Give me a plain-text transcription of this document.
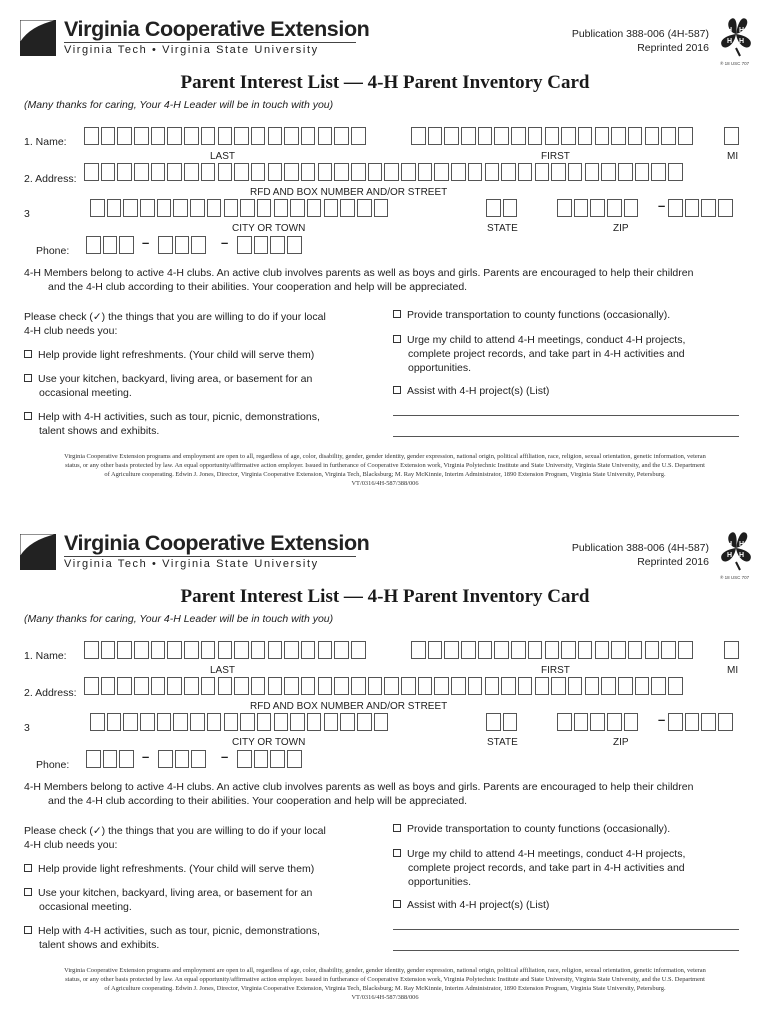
Virginia Cooperative Extension
Virginia Tech • Virginia State University
Publication 388-006 (4H-587)
Reprinted 2016
H H
H H
® 18 USC 707
Parent Interest List — 4-H Parent Inventory Card
(Many thanks for caring, Your 4-H Leader will be in touch with you)
1. Name:
LAST	FIRST	MI
2. Address:
RFD AND BOX NUMBER AND/OR STREET
3
–
CITY OR TOWN	STATE	ZIP
Phone:
–	–
4-H Members belong to active 4-H clubs. An active club involves parents as well as boys and girls. Parents are encouraged to help their children
and the 4-H club according to their abilities. Your cooperation and help will be appreciated.
Please check (✓) the things that you are willing to do if your local
4-H club needs you:
Help provide light refreshments. (Your child will serve them)
Use your kitchen, backyard, living area, or basement for an
occasional meeting.
Help with 4-H activities, such as tour, picnic, demonstrations,
talent shows and exhibits.
Provide transportation to county functions (occasionally).
Urge my child to attend 4-H meetings, conduct 4-H projects,
complete project records, and take part in 4-H activities and
opportunities.
Assist with 4-H project(s) (List)
Virginia Cooperative Extension programs and employment are open to all, regardless of age, color, disability, gender, gender identity, gender expression, national origin, political affiliation, race, religion, sexual orientation, genetic information, veteran
status, or any other basis protected by law. An equal opportunity/affirmative action employer. Issued in furtherance of Cooperative Extension work, Virginia Polytechnic Institute and State University, Virginia State University, and the U.S. Department
of Agriculture cooperating. Edwin J. Jones, Director, Virginia Cooperative Extension, Virginia Tech, Blacksburg; M. Ray McKinnie, Interim Administrator, 1890 Extension Program, Virginia State University, Petersburg.
VT/0316/4H-587/388/006
Virginia Cooperative Extension
Virginia Tech • Virginia State University
Publication 388-006 (4H-587)
Reprinted 2016
H H
H H
® 18 USC 707
Parent Interest List — 4-H Parent Inventory Card
(Many thanks for caring, Your 4-H Leader will be in touch with you)
1. Name:
LAST	FIRST	MI
2. Address:
RFD AND BOX NUMBER AND/OR STREET
3
–
CITY OR TOWN	STATE	ZIP
Phone:
–	–
4-H Members belong to active 4-H clubs. An active club involves parents as well as boys and girls. Parents are encouraged to help their children
and the 4-H club according to their abilities. Your cooperation and help will be appreciated.
Please check (✓) the things that you are willing to do if your local
4-H club needs you:
Help provide light refreshments. (Your child will serve them)
Use your kitchen, backyard, living area, or basement for an
occasional meeting.
Help with 4-H activities, such as tour, picnic, demonstrations,
talent shows and exhibits.
Provide transportation to county functions (occasionally).
Urge my child to attend 4-H meetings, conduct 4-H projects,
complete project records, and take part in 4-H activities and
opportunities.
Assist with 4-H project(s) (List)
Virginia Cooperative Extension programs and employment are open to all, regardless of age, color, disability, gender, gender identity, gender expression, national origin, political affiliation, race, religion, sexual orientation, genetic information, veteran
status, or any other basis protected by law. An equal opportunity/affirmative action employer. Issued in furtherance of Cooperative Extension work, Virginia Polytechnic Institute and State University, Virginia State University, and the U.S. Department
of Agriculture cooperating. Edwin J. Jones, Director, Virginia Cooperative Extension, Virginia Tech, Blacksburg; M. Ray McKinnie, Interim Administrator, 1890 Extension Program, Virginia State University, Petersburg.
VT/0316/4H-587/388/006
